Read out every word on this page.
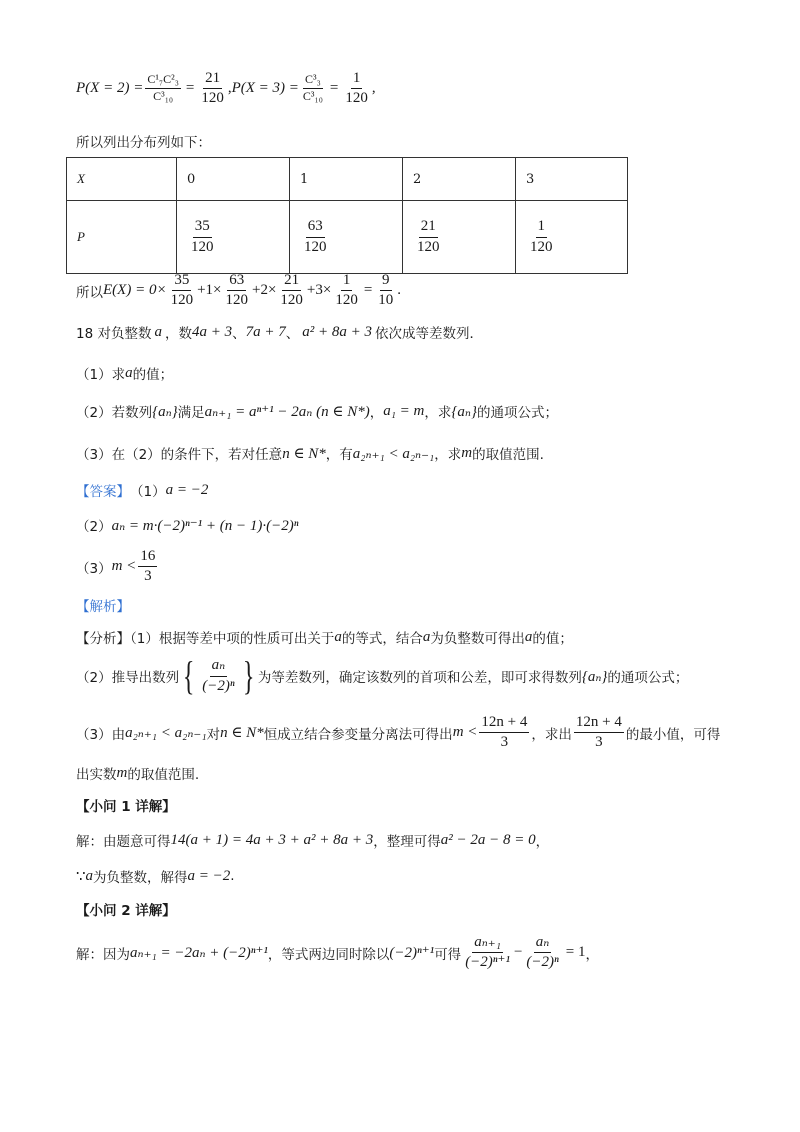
$P(X = 2) = \frac{\text{C¹₇C²₃}}{\text{C³₁₀}} = \frac{21}{120}$ , $P(X = 3) = \frac{\text{C³₃}}{\text{C³₁₀}} = \frac{1}{120}$ ,
所以列出分布列如下：
X	0	1	2	3
P	$\frac{35}{120}$	$\frac{63}{120}$	$\frac{21}{120}$	$\frac{1}{120}$
所以 $E(X) = 0\times \frac{35}{120} +1\times \frac{63}{120} +2\times \frac{21}{120} +3\times \frac{1}{120} = \frac{9}{10}$ .
18 对负整数 a ，数 4a + 3 、 7a + 7 、 a² + 8a + 3 依次成等差数列．
（1）求 a 的值；
（2）若数列 {aₙ} 满足 aₙ₊₁ = aⁿ⁺¹ − 2aₙ (n ∈ N*) ， a₁ = m ，求 {aₙ} 的通项公式；
（3）在（2）的条件下，若对任意 n ∈ N* ，有 a₂ₙ₊₁ < a₂ₙ₋₁ ，求 m 的取值范围.
【答案】 （1） a = −2
（2） aₙ = m·(−2)ⁿ⁻¹ + (n − 1)·(−2)ⁿ
（3） $m < \frac{16}{3}$
【解析】
【分析】（1）根据等差中项的性质可出关于 a 的等式，结合 a 为负整数可得出 a 的值；
（2）推导出数列 { $\frac{\text{aₙ}}{\text{(−2)ⁿ}}$ } 为等差数列，确定该数列的首项和公差，即可求得数列 {aₙ} 的通项公式；
（3）由 a₂ₙ₊₁ < a₂ₙ₋₁ 对 n ∈ N* 恒成立结合参变量分离法可得出 $m < \frac{12n + 4}{3}$ ，求出 $\frac{12n + 4}{3}$ 的最小值，可得
出实数 m 的取值范围.
【小问 1 详解】
解：由题意可得 14(a + 1) = 4a + 3 + a² + 8a + 3 ，整理可得 a² − 2a − 8 = 0 ，
∵ a 为负整数，解得 a = −2 .
【小问 2 详解】
解：因为 aₙ₊₁ = −2aₙ + (−2)ⁿ⁺¹ ，等式两边同时除以 (−2)ⁿ⁺¹ 可得 $\frac{\text{aₙ₊₁}}{\text{(−2)ⁿ⁺¹}} - \frac{\text{aₙ}}{\text{(−2)ⁿ}} = 1$ ，
